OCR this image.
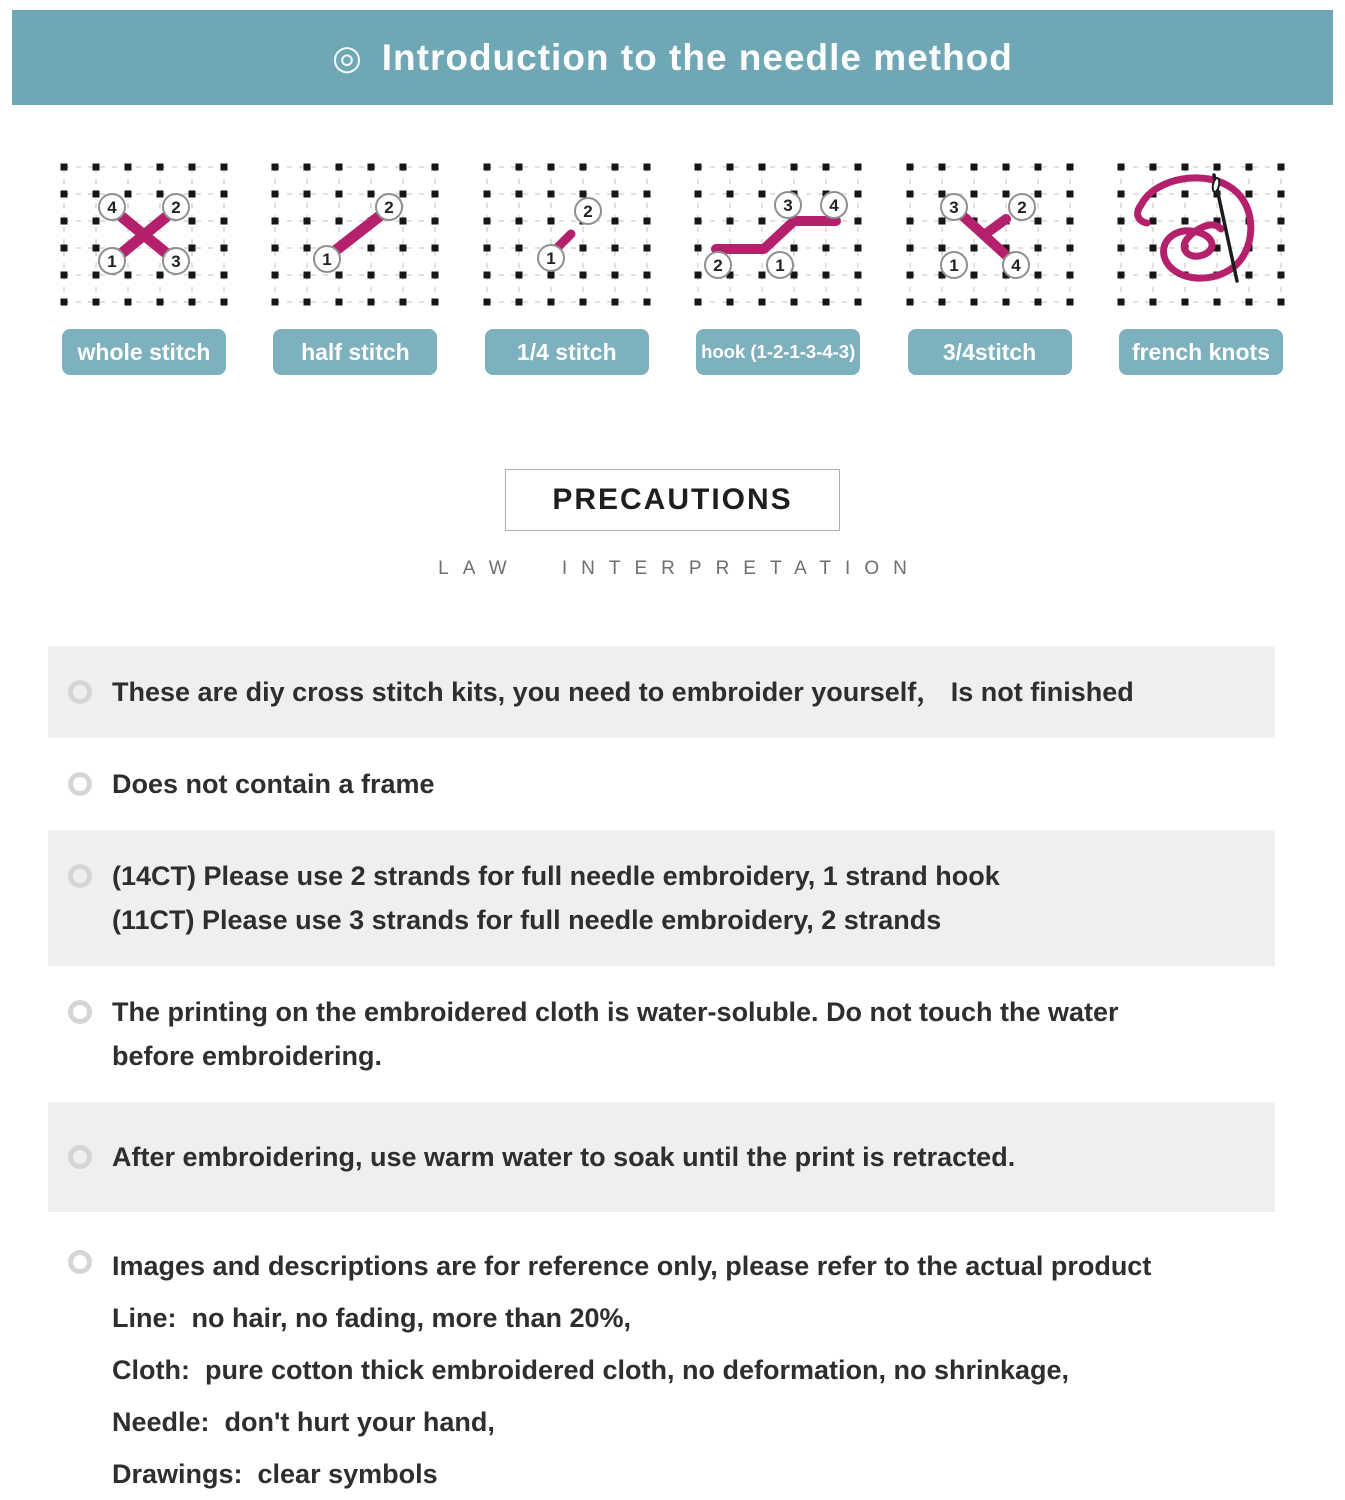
◎ Introduction to the needle method
4	2
1	3
whole stitch
2
1
half stitch
2
1
1/4 stitch
3 4
2	1
hook (1-2-1-3-4-3)
3	2
1	4
3/4stitch	french knots
PRECAUTIONS
LAW INTERPRETATION
These are diy cross stitch kits, you need to embroider yourself， Is not finished
Does not contain a frame
(14CT) Please use 2 strands for full needle embroidery, 1 strand hook
(11CT) Please use 3 strands for full needle embroidery, 2 strands
The printing on the embroidered cloth is water-soluble. Do not touch the water
before embroidering.
After embroidering, use warm water to soak until the print is retracted.
Images and descriptions are for reference only, please refer to the actual product
Line:  no hair, no fading, more than 20%,
Cloth:  pure cotton thick embroidered cloth, no deformation, no shrinkage,
Needle:  don't hurt your hand,
Drawings:  clear symbols
